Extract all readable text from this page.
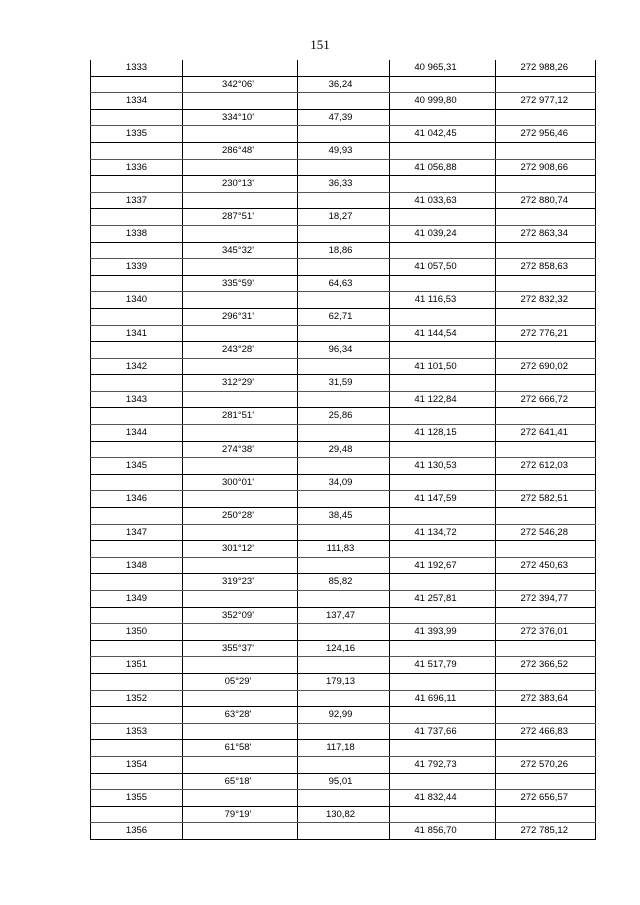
151
1333			40 965,31	272 988,26
	342°06'	36,24		
1334			40 999,80	272 977,12
	334°10'	47,39		
1335			41 042,45	272 956,46
	286°48'	49,93		
1336			41 056,88	272 908,66
	230°13'	36,33		
1337			41 033,63	272 880,74
	287°51'	18,27		
1338			41 039,24	272 863,34
	345°32'	18,86		
1339			41 057,50	272 858,63
	335°59'	64,63		
1340			41 116,53	272 832,32
	296°31'	62,71		
1341			41 144,54	272 776,21
	243°28'	96,34		
1342			41 101,50	272 690,02
	312°29'	31,59		
1343			41 122,84	272 666,72
	281°51'	25,86		
1344			41 128,15	272 641,41
	274°38'	29,48		
1345			41 130,53	272 612,03
	300°01'	34,09		
1346			41 147,59	272 582,51
	250°28'	38,45		
1347			41 134,72	272 546,28
	301°12'	111,83		
1348			41 192,67	272 450,63
	319°23'	85,82		
1349			41 257,81	272 394,77
	352°09'	137,47		
1350			41 393,99	272 376,01
	355°37'	124,16		
1351			41 517,79	272 366,52
	05°29'	179,13		
1352			41 696,11	272 383,64
	63°28'	92,99		
1353			41 737,66	272 466,83
	61°58'	117,18		
1354			41 792,73	272 570,26
	65°18'	95,01		
1355			41 832,44	272 656,57
	79°19'	130,82		
1356			41 856,70	272 785,12
